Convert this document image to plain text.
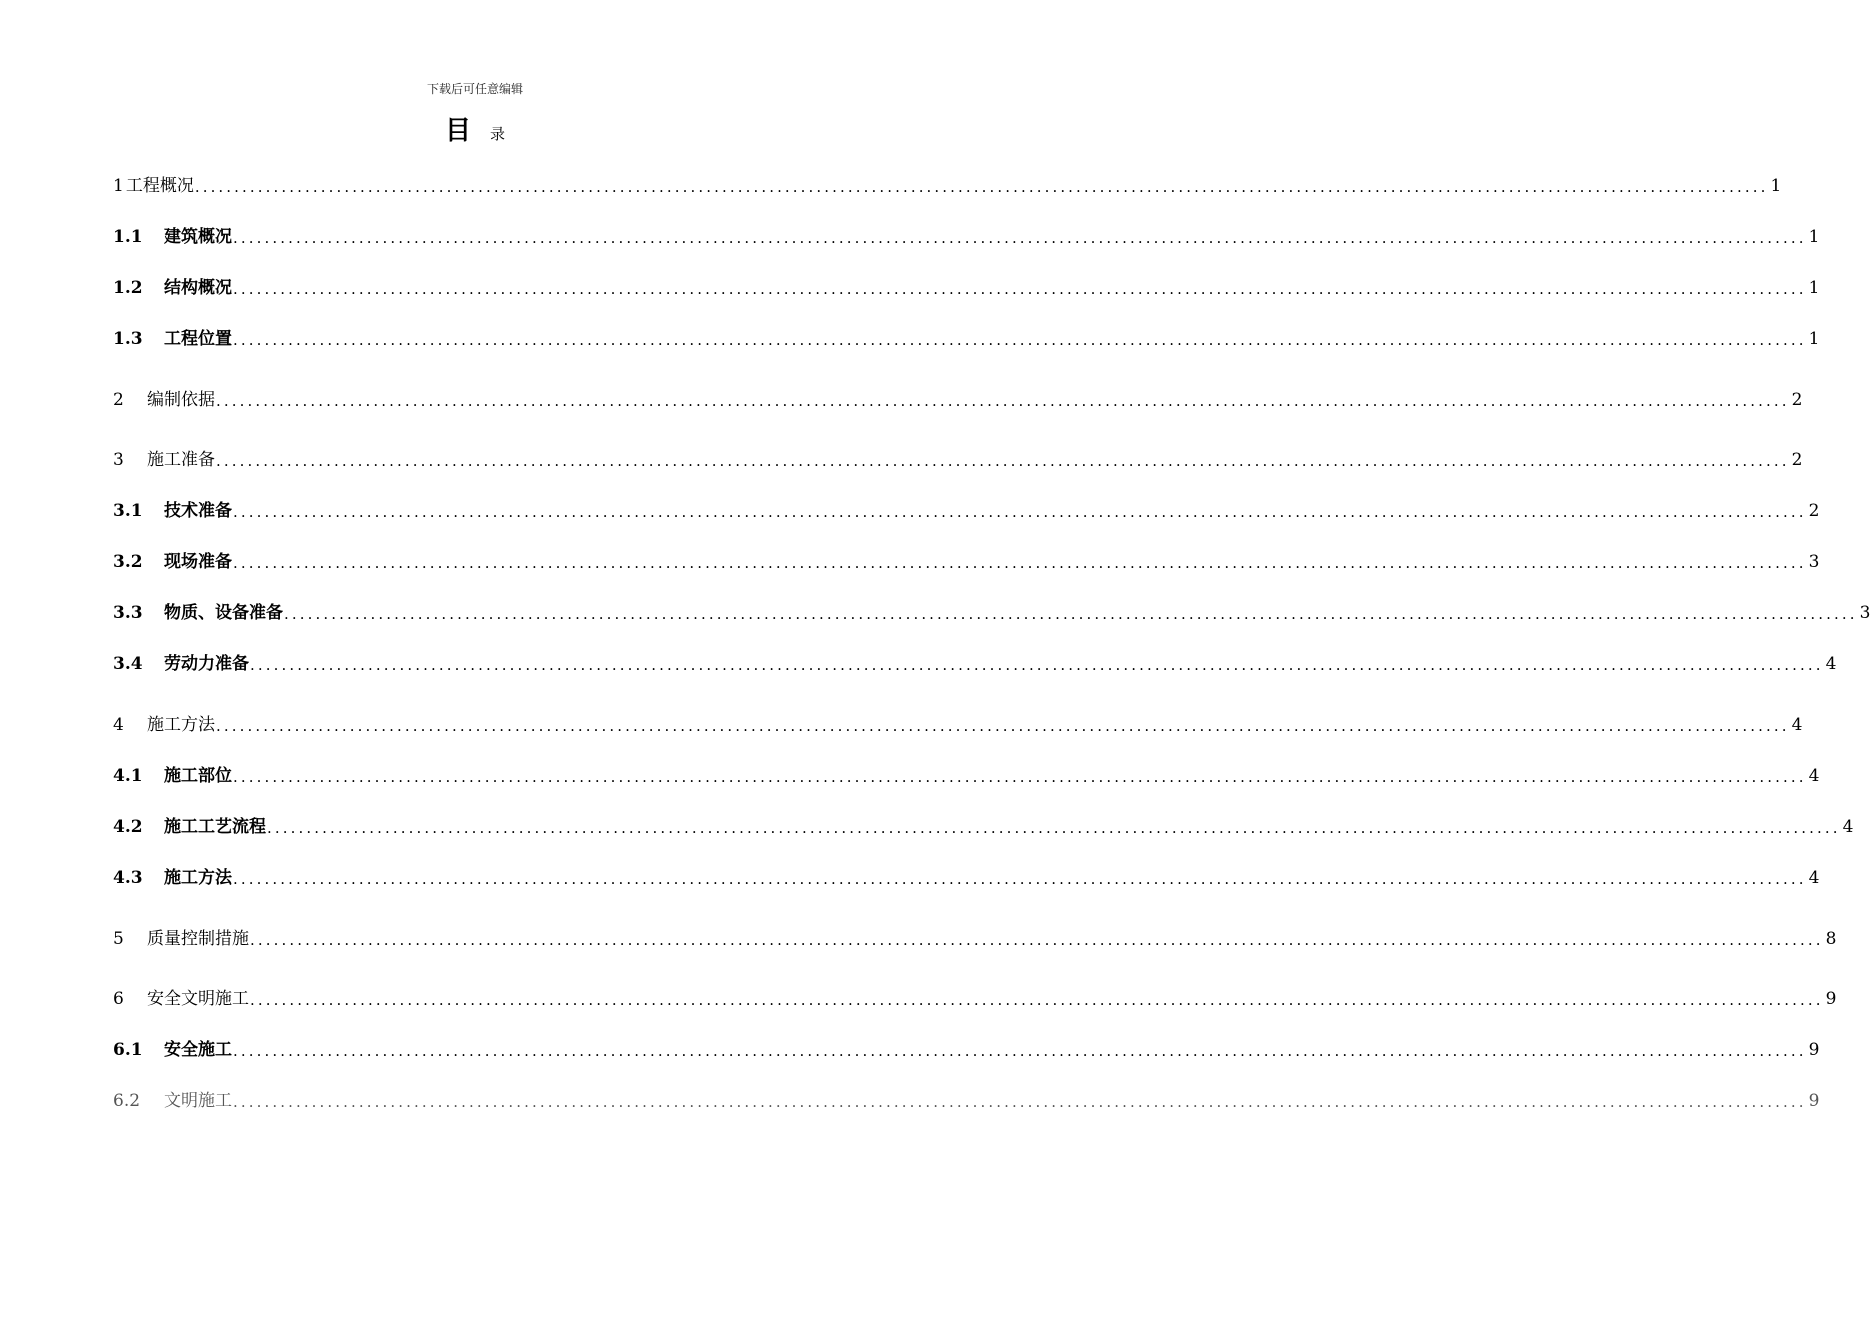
下载后可任意编辑
目 录
1 工程概况 ........................................................................................................................................................................................................ 1
1.1	建筑概况 ........................................................................................................................................................................................................ 1
1.2	结构概况 ........................................................................................................................................................................................................ 1
1.3	工程位置 ........................................................................................................................................................................................................ 1
2	编制依据 ........................................................................................................................................................................................................ 2
3	施工准备 ........................................................................................................................................................................................................ 2
3.1	技术准备 ........................................................................................................................................................................................................ 2
3.2	现场准备 ........................................................................................................................................................................................................ 3
3.3	物质、设备准备 ........................................................................................................................................................................................................ 3
3.4	劳动力准备 ........................................................................................................................................................................................................ 4
4	施工方法 ........................................................................................................................................................................................................ 4
4.1	施工部位 ........................................................................................................................................................................................................ 4
4.2	施工工艺流程 ........................................................................................................................................................................................................ 4
4.3	施工方法 ........................................................................................................................................................................................................ 4
5	质量控制措施 ........................................................................................................................................................................................................ 8
6	安全文明施工 ........................................................................................................................................................................................................ 9
6.1	安全施工 ........................................................................................................................................................................................................ 9
6.2	文明施工 ........................................................................................................................................................................................................ 9
